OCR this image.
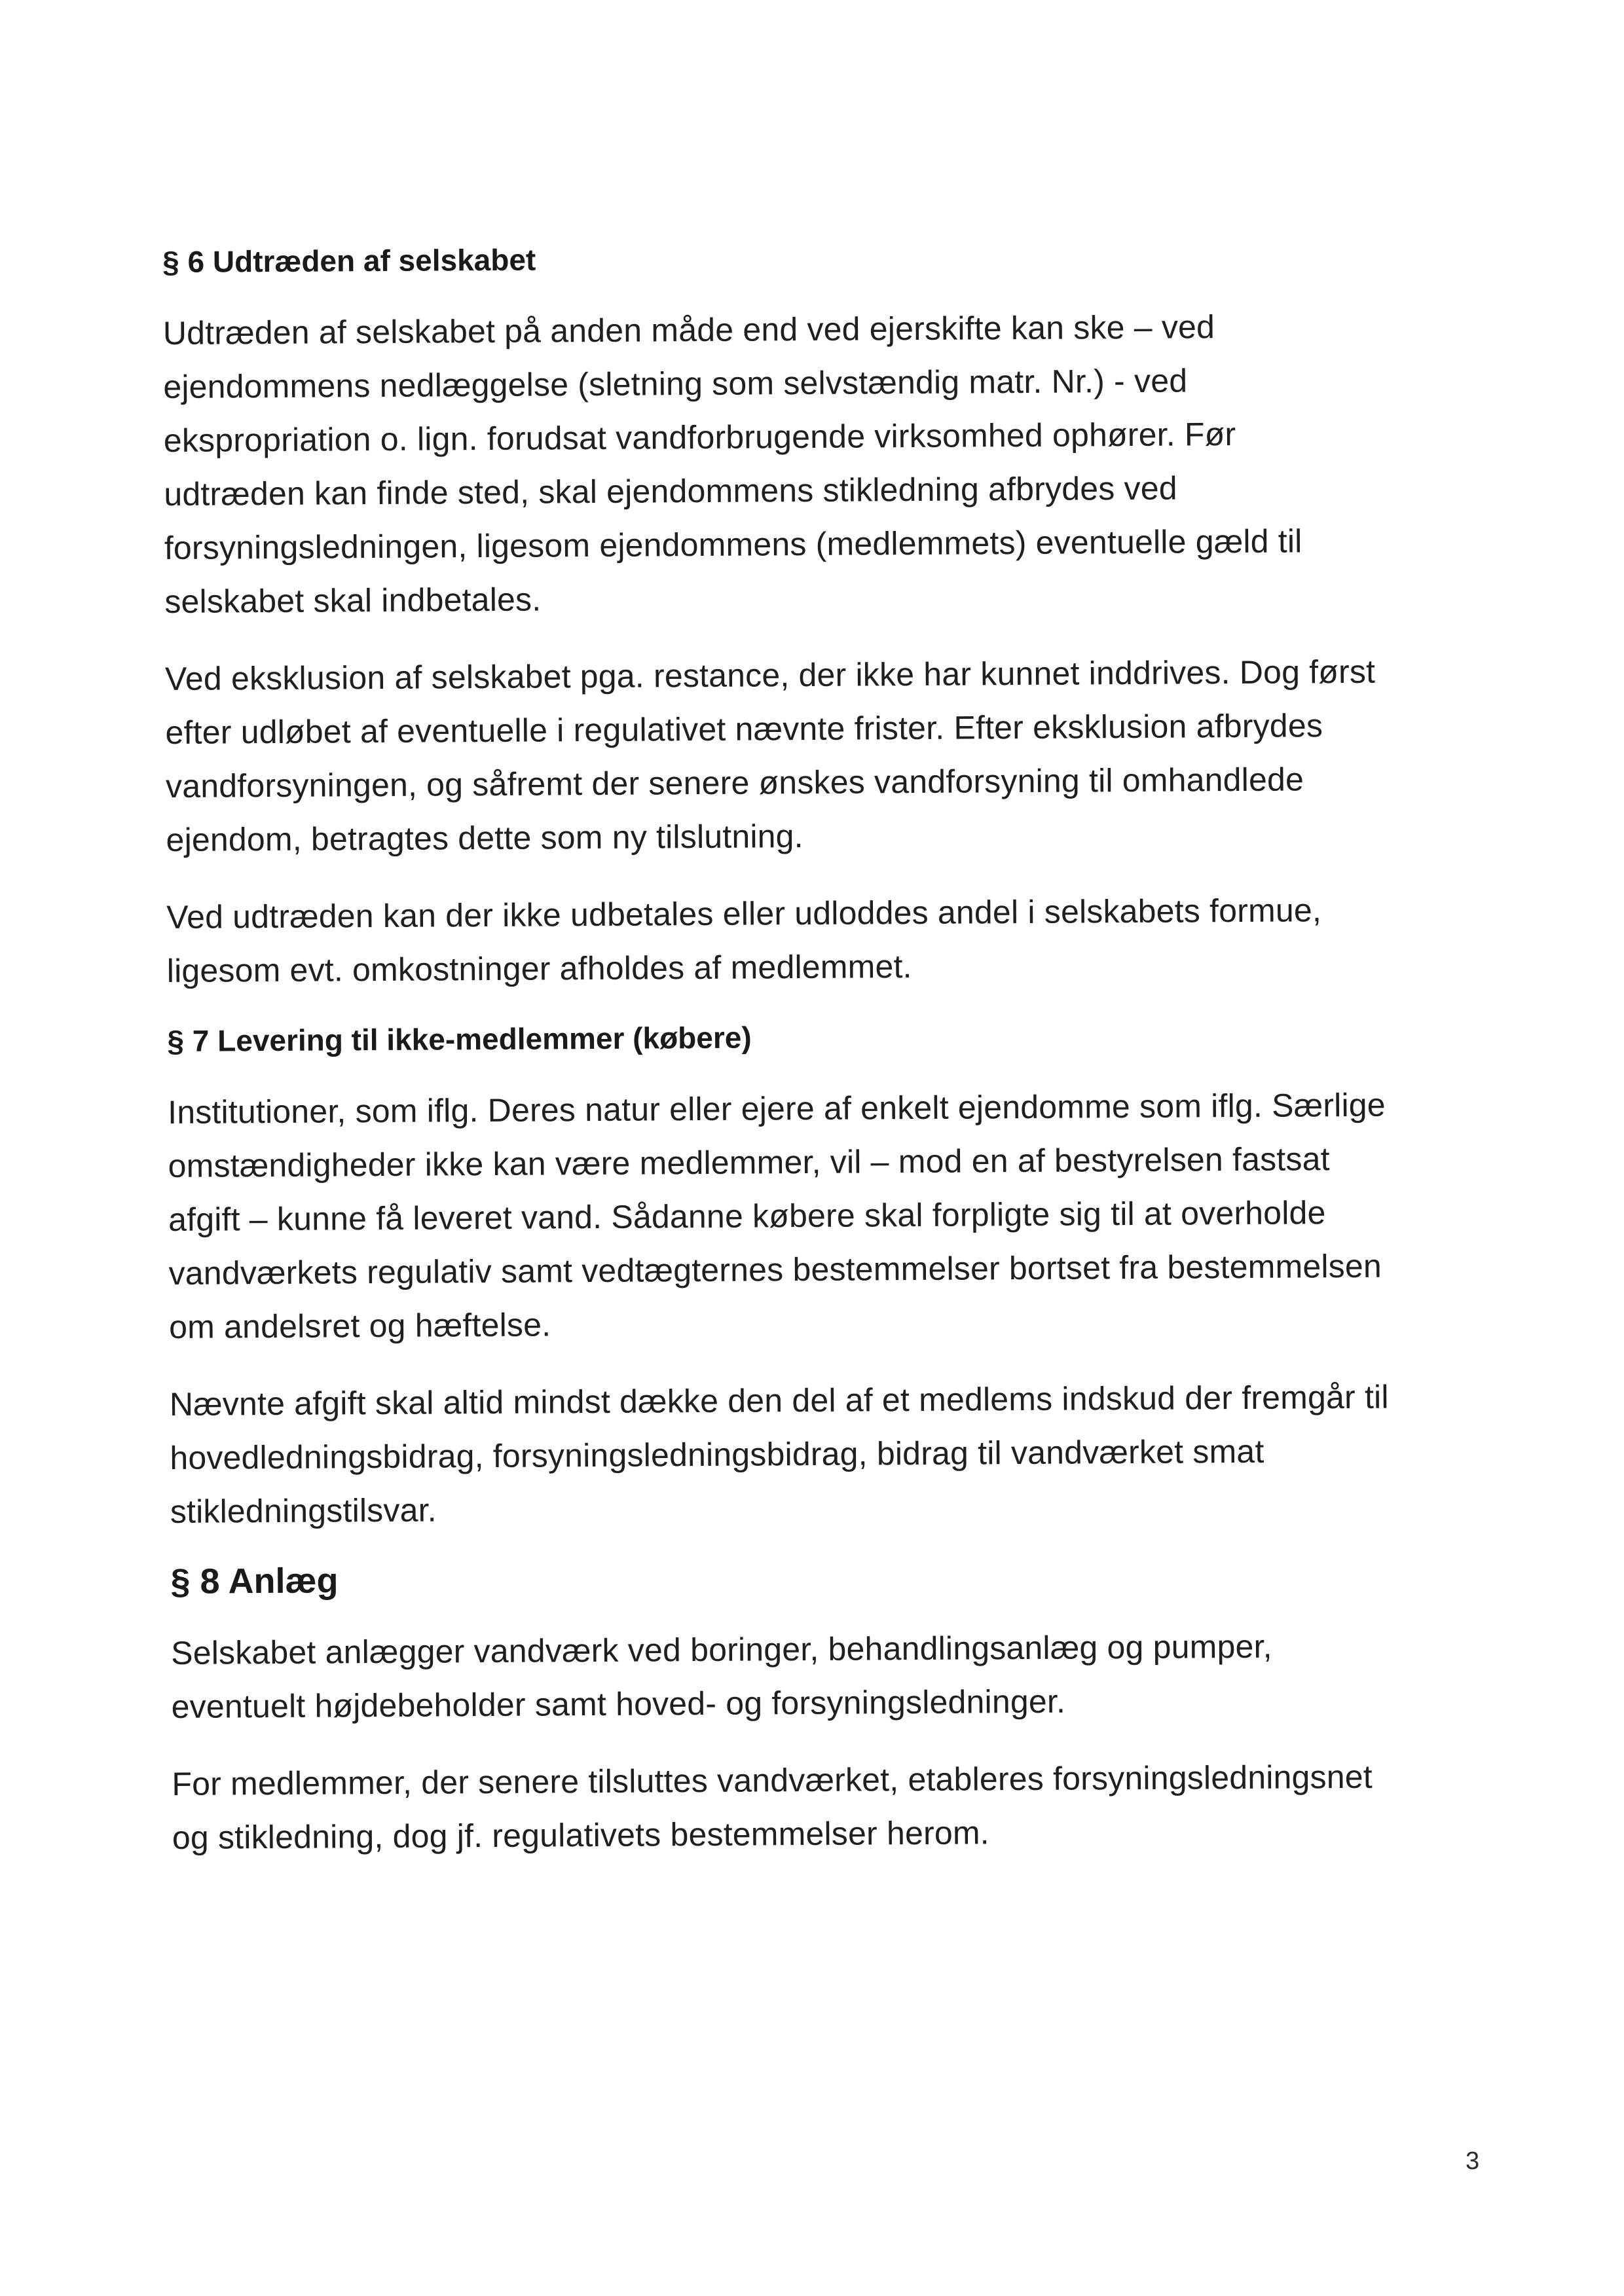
§ 6 Udtræden af selskabet
Udtræden af selskabet på anden måde end ved ejerskifte kan ske – ved
ejendommens nedlæggelse (sletning som selvstændig matr. Nr.) - ved
ekspropriation o. lign. forudsat vandforbrugende virksomhed ophører. Før
udtræden kan finde sted, skal ejendommens stikledning afbrydes ved
forsyningsledningen, ligesom ejendommens (medlemmets) eventuelle gæld til
selskabet skal indbetales.
Ved eksklusion af selskabet pga. restance, der ikke har kunnet inddrives. Dog først
efter udløbet af eventuelle i regulativet nævnte frister. Efter eksklusion afbrydes
vandforsyningen, og såfremt der senere ønskes vandforsyning til omhandlede
ejendom, betragtes dette som ny tilslutning.
Ved udtræden kan der ikke udbetales eller udloddes andel i selskabets formue,
ligesom evt. omkostninger afholdes af medlemmet.
§ 7 Levering til ikke-medlemmer (købere)
Institutioner, som iflg. Deres natur eller ejere af enkelt ejendomme som iflg. Særlige
omstændigheder ikke kan være medlemmer, vil – mod en af bestyrelsen fastsat
afgift – kunne få leveret vand. Sådanne købere skal forpligte sig til at overholde
vandværkets regulativ samt vedtægternes bestemmelser bortset fra bestemmelsen
om andelsret og hæftelse.
Nævnte afgift skal altid mindst dække den del af et medlems indskud der fremgår til
hovedledningsbidrag, forsyningsledningsbidrag, bidrag til vandværket smat
stikledningstilsvar.
§ 8 Anlæg
Selskabet anlægger vandværk ved boringer, behandlingsanlæg og pumper,
eventuelt højdebeholder samt hoved- og forsyningsledninger.
For medlemmer, der senere tilsluttes vandværket, etableres forsyningsledningsnet
og stikledning, dog jf. regulativets bestemmelser herom.
3
